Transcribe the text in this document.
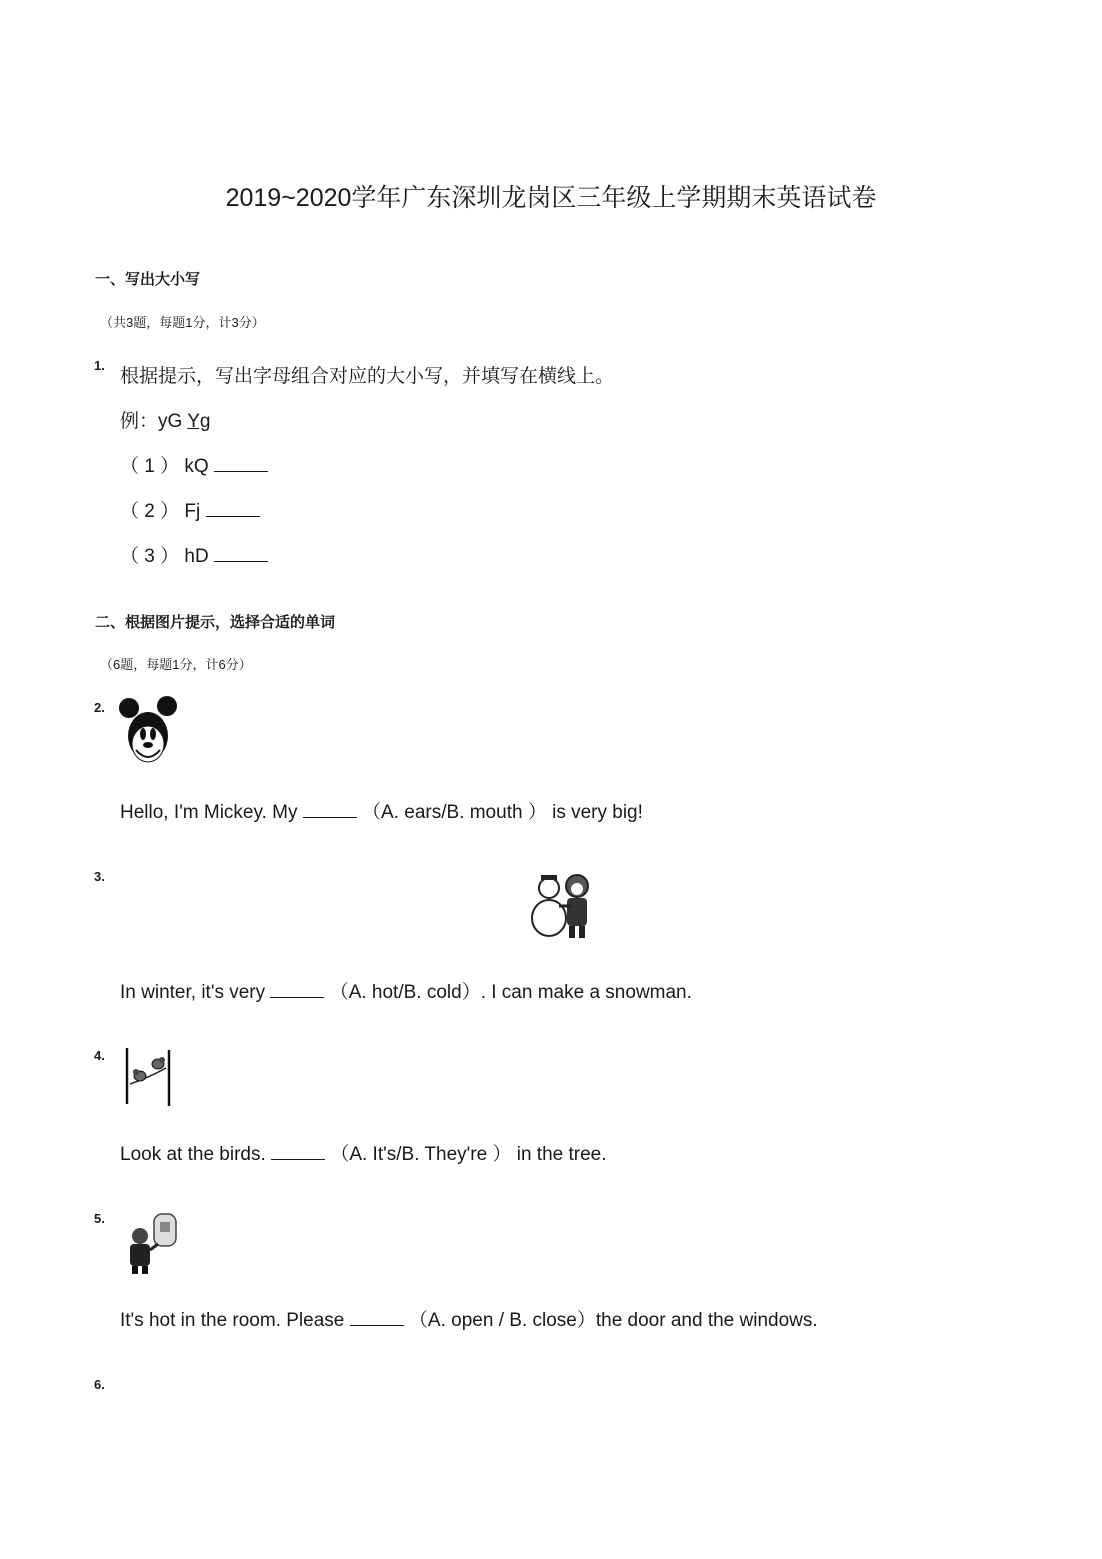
2019~2020学年广东深圳龙岗区三年级上学期期末英语试卷
一、写出大小写
（共3题，每题1分，计3分）
1.
根据提示，写出字母组合对应的大小写，并填写在横线上。
例：yG Yg
（ 1 ） kQ
（ 2 ） Fj
（ 3 ） hD
二、根据图片提示，选择合适的单词
（6题，每题1分，计6分）
2.
Hello, I'm Mickey. My	（A. ears/B. mouth ） is very big!
3.
In winter, it's very	（A. hot/B. cold）. I can make a snowman.
4.
Look at the birds.	（A. It's/B. They're ） in the tree.
5.
It's hot in the room. Please	（A. open / B. close）the door and the windows.
6.
